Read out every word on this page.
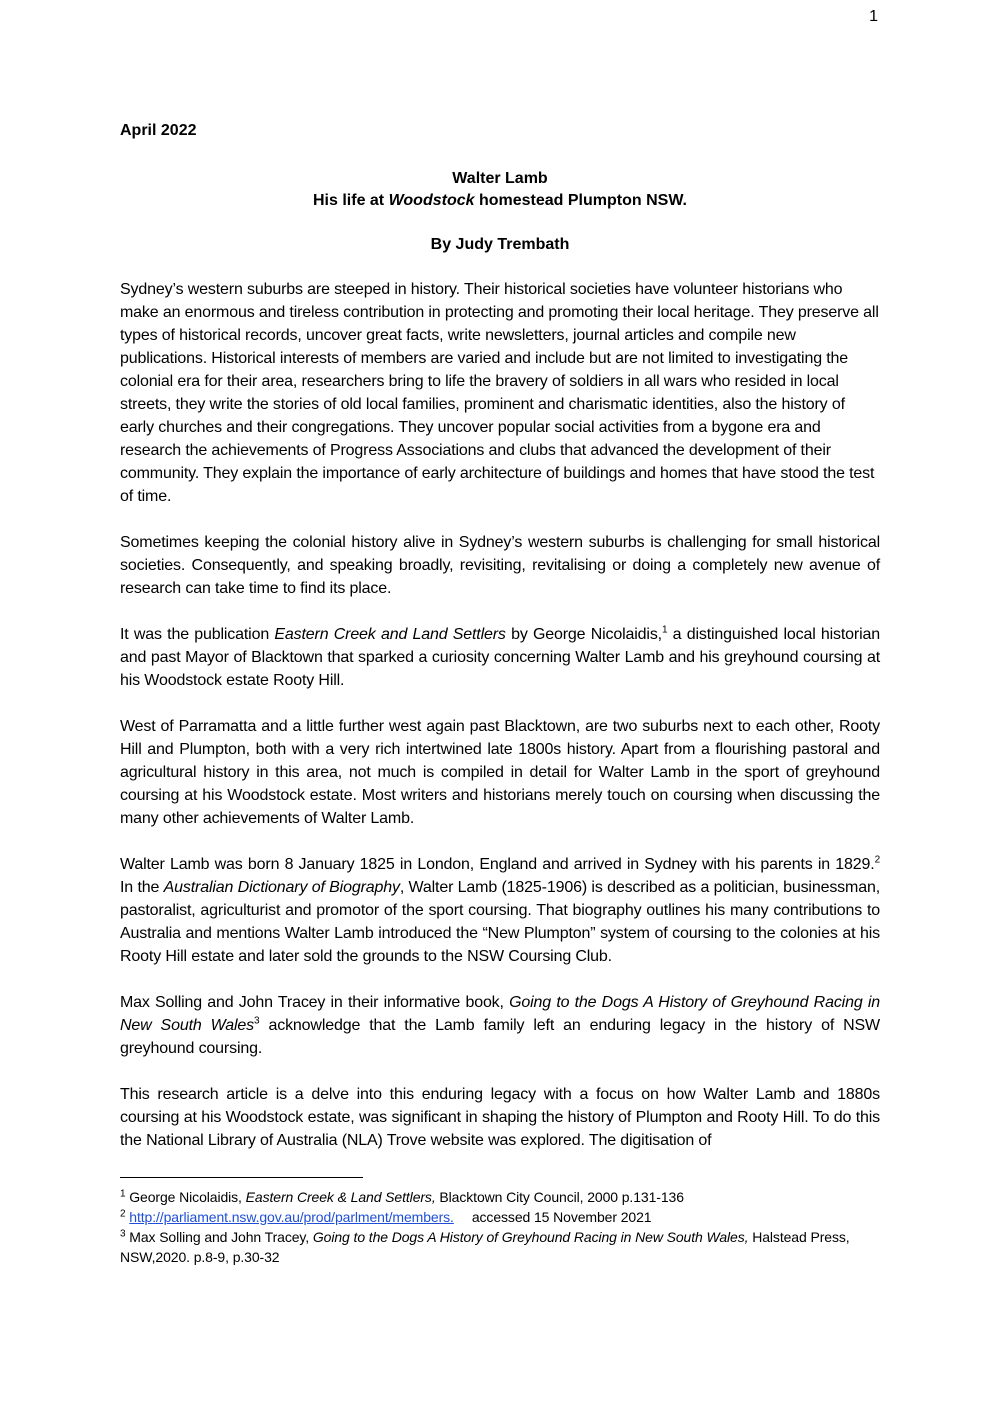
1
April 2022
Walter Lamb
His life at Woodstock homestead Plumpton NSW.
By Judy Trembath

Sydney’s western suburbs are steeped in history. Their historical societies have volunteer historians who make an enormous and tireless contribution in protecting and promoting their local heritage. They preserve all types of historical records, uncover great facts, write newsletters, journal articles and compile new publications. Historical interests of members are varied and include but are not limited to investigating the colonial era for their area, researchers bring to life the bravery of soldiers in all wars who resided in local streets, they write the stories of old local families, prominent and charismatic identities, also the history of early churches and their congregations. They uncover popular social activities from a bygone era and research the achievements of Progress Associations and clubs that advanced the development of their community. They explain the importance of early architecture of buildings and homes that have stood the test of time.

Sometimes keeping the colonial history alive in Sydney’s western suburbs is challenging for small historical societies. Consequently, and speaking broadly, revisiting, revitalising or doing a completely new avenue of research can take time to find its place.

It was the publication Eastern Creek and Land Settlers by George Nicolaidis,$^1$ a distinguished local historian and past Mayor of Blacktown that sparked a curiosity concerning Walter Lamb and his greyhound coursing at his Woodstock estate Rooty Hill.

West of Parramatta and a little further west again past Blacktown, are two suburbs next to each other, Rooty Hill and Plumpton, both with a very rich intertwined late 1800s history. Apart from a flourishing pastoral and agricultural history in this area, not much is compiled in detail for Walter Lamb in the sport of greyhound coursing at his Woodstock estate. Most writers and historians merely touch on coursing when discussing the many other achievements of Walter Lamb.

Walter Lamb was born 8 January 1825 in London, England and arrived in Sydney with his parents in 1829.$^2$ In the Australian Dictionary of Biography, Walter Lamb (1825-1906) is described as a politician, businessman, pastoralist, agriculturist and promotor of the sport coursing. That biography outlines his many contributions to Australia and mentions Walter Lamb introduced the “New Plumpton” system of coursing to the colonies at his Rooty Hill estate and later sold the grounds to the NSW Coursing Club.

Max Solling and John Tracey in their informative book, Going to the Dogs A History of Greyhound Racing in New South Wales$^3$ acknowledge that the Lamb family left an enduring legacy in the history of NSW greyhound coursing.

This research article is a delve into this enduring legacy with a focus on how Walter Lamb and 1880s coursing at his Woodstock estate, was significant in shaping the history of Plumpton and Rooty Hill. To do this the National Library of Australia (NLA) Trove website was explored. The digitisation of

$^1$ George Nicolaidis, Eastern Creek & Land Settlers, Blacktown City Council, 2000 p.131-136
$^2$ http://parliament.nsw.gov.au/prod/parlment/members. accessed 15 November 2021
$^3$ Max Solling and John Tracey, Going to the Dogs A History of Greyhound Racing in New South Wales, Halstead Press, NSW,2020. p.8-9, p.30-32
